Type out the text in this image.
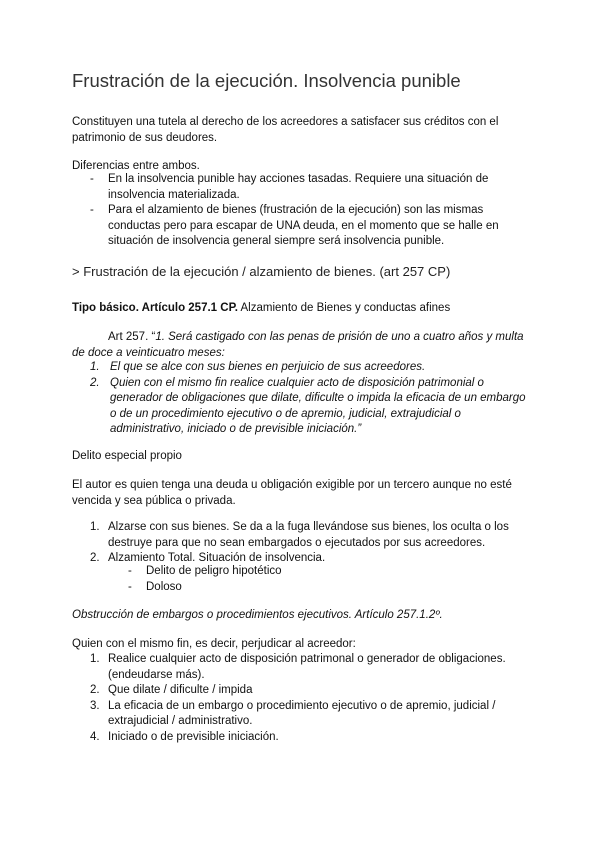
Frustración de la ejecución. Insolvencia punible

Constituyen una tutela al derecho de los acreedores a satisfacer sus créditos con el patrimonio de sus deudores.

Diferencias entre ambos.

- En la insolvencia punible hay acciones tasadas. Requiere una situación de insolvencia materializada.
- Para el alzamiento de bienes (frustración de la ejecución) son las mismas conductas pero para escapar de UNA deuda, en el momento que se halle en situación de insolvencia general siempre será insolvencia punible.

> Frustración de la ejecución / alzamiento de bienes. (art 257 CP)

Tipo básico. Artículo 257.1 CP. Alzamiento de Bienes y conductas afines

Art 257. “1. Será castigado con las penas de prisión de uno a cuatro años y multa de doce a veinticuatro meses:

1. El que se alce con sus bienes en perjuicio de sus acreedores.
2. Quien con el mismo fin realice cualquier acto de disposición patrimonial o generador de obligaciones que dilate, dificulte o impida la eficacia de un embargo o de un procedimiento ejecutivo o de apremio, judicial, extrajudicial o administrativo, iniciado o de previsible iniciación.”

Delito especial propio

El autor es quien tenga una deuda u obligación exigible por un tercero aunque no esté vencida y sea pública o privada.

1. Alzarse con sus bienes. Se da a la fuga llevándose sus bienes, los oculta o los destruye para que no sean embargados o ejecutados por sus acreedores.
2. Alzamiento Total. Situación de insolvencia.
- Delito de peligro hipotético
- Doloso

Obstrucción de embargos o procedimientos ejecutivos. Artículo 257.1.2º.

Quien con el mismo fin, es decir, perjudicar al acreedor:

1. Realice cualquier acto de disposición patrimonal o generador de obligaciones. (endeudarse más).
2. Que dilate / dificulte / impida
3. La eficacia de un embargo o procedimiento ejecutivo o de apremio, judicial / extrajudicial / administrativo.
4. Iniciado o de previsible iniciación.
